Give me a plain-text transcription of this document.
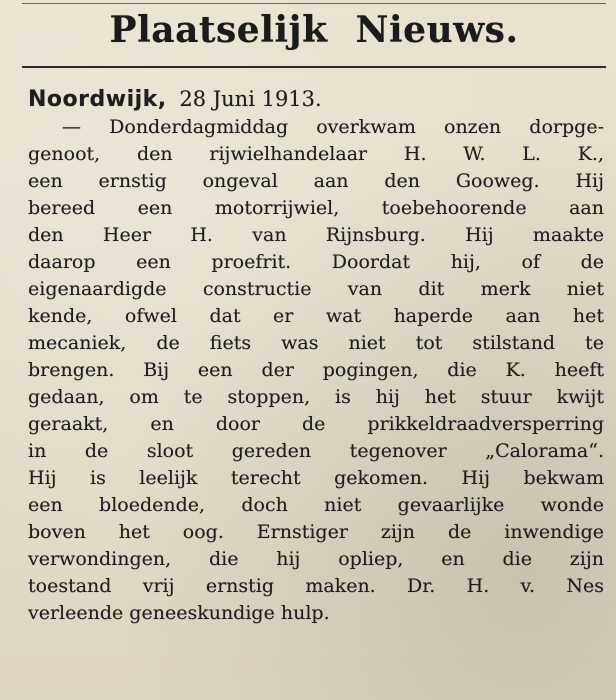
Plaatselijk Nieuws.
Noordwijk, 28 Juni 1913.
— Donderdagmiddag overkwam onzen dorpge-
genoot, den rijwielhandelaar H. W. L. K.,
een ernstig ongeval aan den Gooweg. Hij
bereed een motorrijwiel, toebehoorende aan
den Heer H. van Rijnsburg. Hij maakte
daarop een proefrit. Doordat hij, of de
eigenaardigde constructie van dit merk niet
kende, ofwel dat er wat haperde aan het
mecaniek, de fiets was niet tot stilstand te
brengen. Bij een der pogingen, die K. heeft
gedaan, om te stoppen, is hij het stuur kwijt
geraakt, en door de prikkeldraadversperring
in de sloot gereden tegenover „Calorama“.
Hij is leelijk terecht gekomen. Hij bekwam
een bloedende, doch niet gevaarlijke wonde
boven het oog. Ernstiger zijn de inwendige
verwondingen, die hij opliep, en die zijn
toestand vrij ernstig maken. Dr. H. v. Nes
verleende geneeskundige hulp.
